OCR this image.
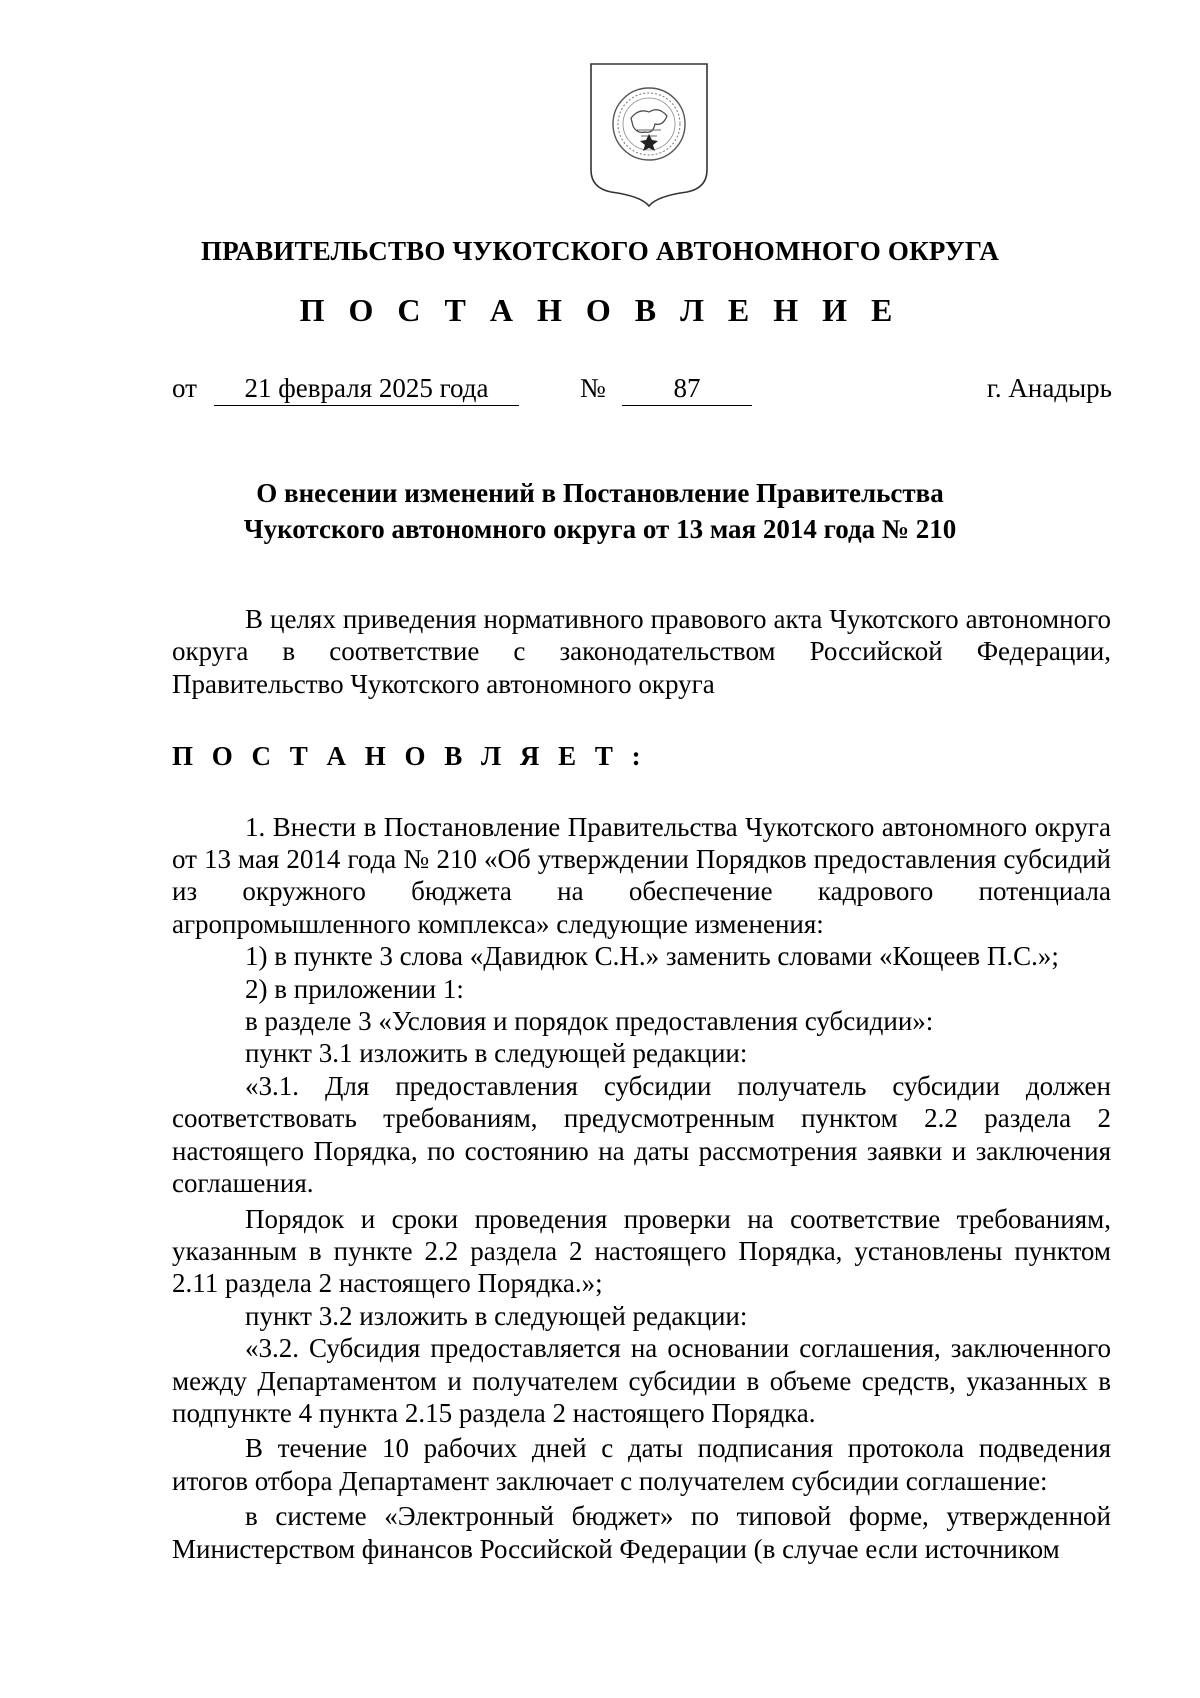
ПРАВИТЕЛЬСТВО ЧУКОТСКОГО АВТОНОМНОГО ОКРУГА
П О С Т А Н О В Л Е Н И Е
от	21 февраля 2025 года	№	87	г. Анадырь
О внесении изменений в Постановление Правительства
Чукотского автономного округа от 13 мая 2014 года № 210

В целях приведения нормативного правового акта Чукотского автономного округа в соответствие с законодательством Российской Федерации, Правительство Чукотского автономного округа

П О С Т А Н О В Л Я Е Т :

1. Внести в Постановление Правительства Чукотского автономного округа от 13 мая 2014 года № 210 «Об утверждении Порядков предоставления субсидий из окружного бюджета на обеспечение кадрового потенциала агропромышленного комплекса» следующие изменения:

1) в пункте 3 слова «Давидюк С.Н.» заменить словами «Кощеев П.С.»;

2) в приложении 1:

в разделе 3 «Условия и порядок предоставления субсидии»:

пункт 3.1 изложить в следующей редакции:

«3.1. Для предоставления субсидии получатель субсидии должен соответствовать требованиям, предусмотренным пунктом 2.2 раздела 2 настоящего Порядка, по состоянию на даты рассмотрения заявки и заключения соглашения.

Порядок и сроки проведения проверки на соответствие требованиям, указанным в пункте 2.2 раздела 2 настоящего Порядка, установлены пунктом 2.11 раздела 2 настоящего Порядка.»;

пункт 3.2 изложить в следующей редакции:

«3.2. Субсидия предоставляется на основании соглашения, заключенного между Департаментом и получателем субсидии в объеме средств, указанных в подпункте 4 пункта 2.15 раздела 2 настоящего Порядка.

В течение 10 рабочих дней с даты подписания протокола подведения итогов отбора Департамент заключает с получателем субсидии соглашение:

в системе «Электронный бюджет» по типовой форме, утвержденной Министерством финансов Российской Федерации (в случае если источником
